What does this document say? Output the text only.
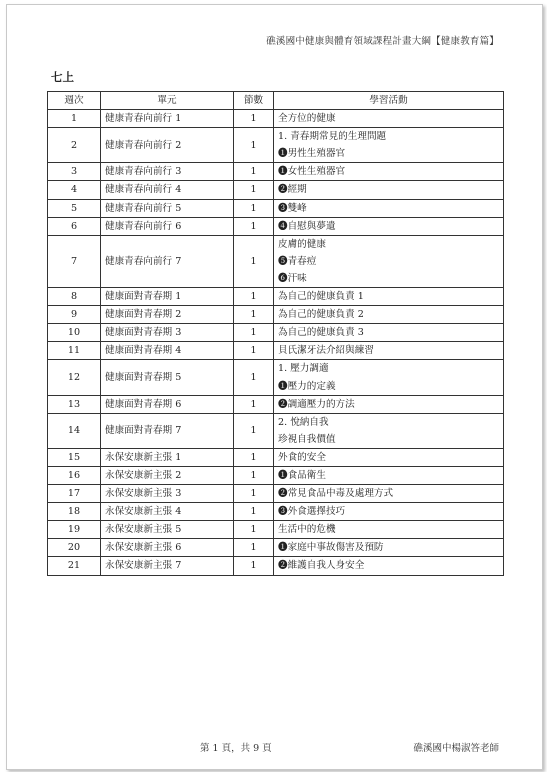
礁溪國中健康與體育領域課程計畫大綱【健康教育篇】
七上
週次	單元	節數	學習活動
1	健康青春向前行 1	1	全方位的健康

2	健康青春向前行 2	1	1. 青春期常見的生理問題
❶男性生殖器官

3	健康青春向前行 3	1	❶女性生殖器官

4	健康青春向前行 4	1	❷經期

5	健康青春向前行 5	1	❸雙峰

6	健康青春向前行 6	1	❹自慰與夢遺

7	健康青春向前行 7	1	皮膚的健康
❺青春痘
❻汗味

8	健康面對青春期 1	1	為自己的健康負責 1

9	健康面對青春期 2	1	為自己的健康負責 2

10	健康面對青春期 3	1	為自己的健康負責 3

11	健康面對青春期 4	1	貝氏潔牙法介紹與練習

12	健康面對青春期 5	1	1. 壓力調適
❶壓力的定義

13	健康面對青春期 6	1	❷調適壓力的方法

14	健康面對青春期 7	1	2. 悅納自我
珍視自我價值

15	永保安康新主張 1	1	外食的安全

16	永保安康新主張 2	1	❶食品衛生

17	永保安康新主張 3	1	❷常見食品中毒及處理方式

18	永保安康新主張 4	1	❸外食選擇技巧

19	永保安康新主張 5	1	生活中的危機

20	永保安康新主張 6	1	❶家庭中事故傷害及預防

21	永保安康新主張 7	1	❷維護自我人身安全
第 1 頁，共 9 頁	礁溪國中楊淑答老師
